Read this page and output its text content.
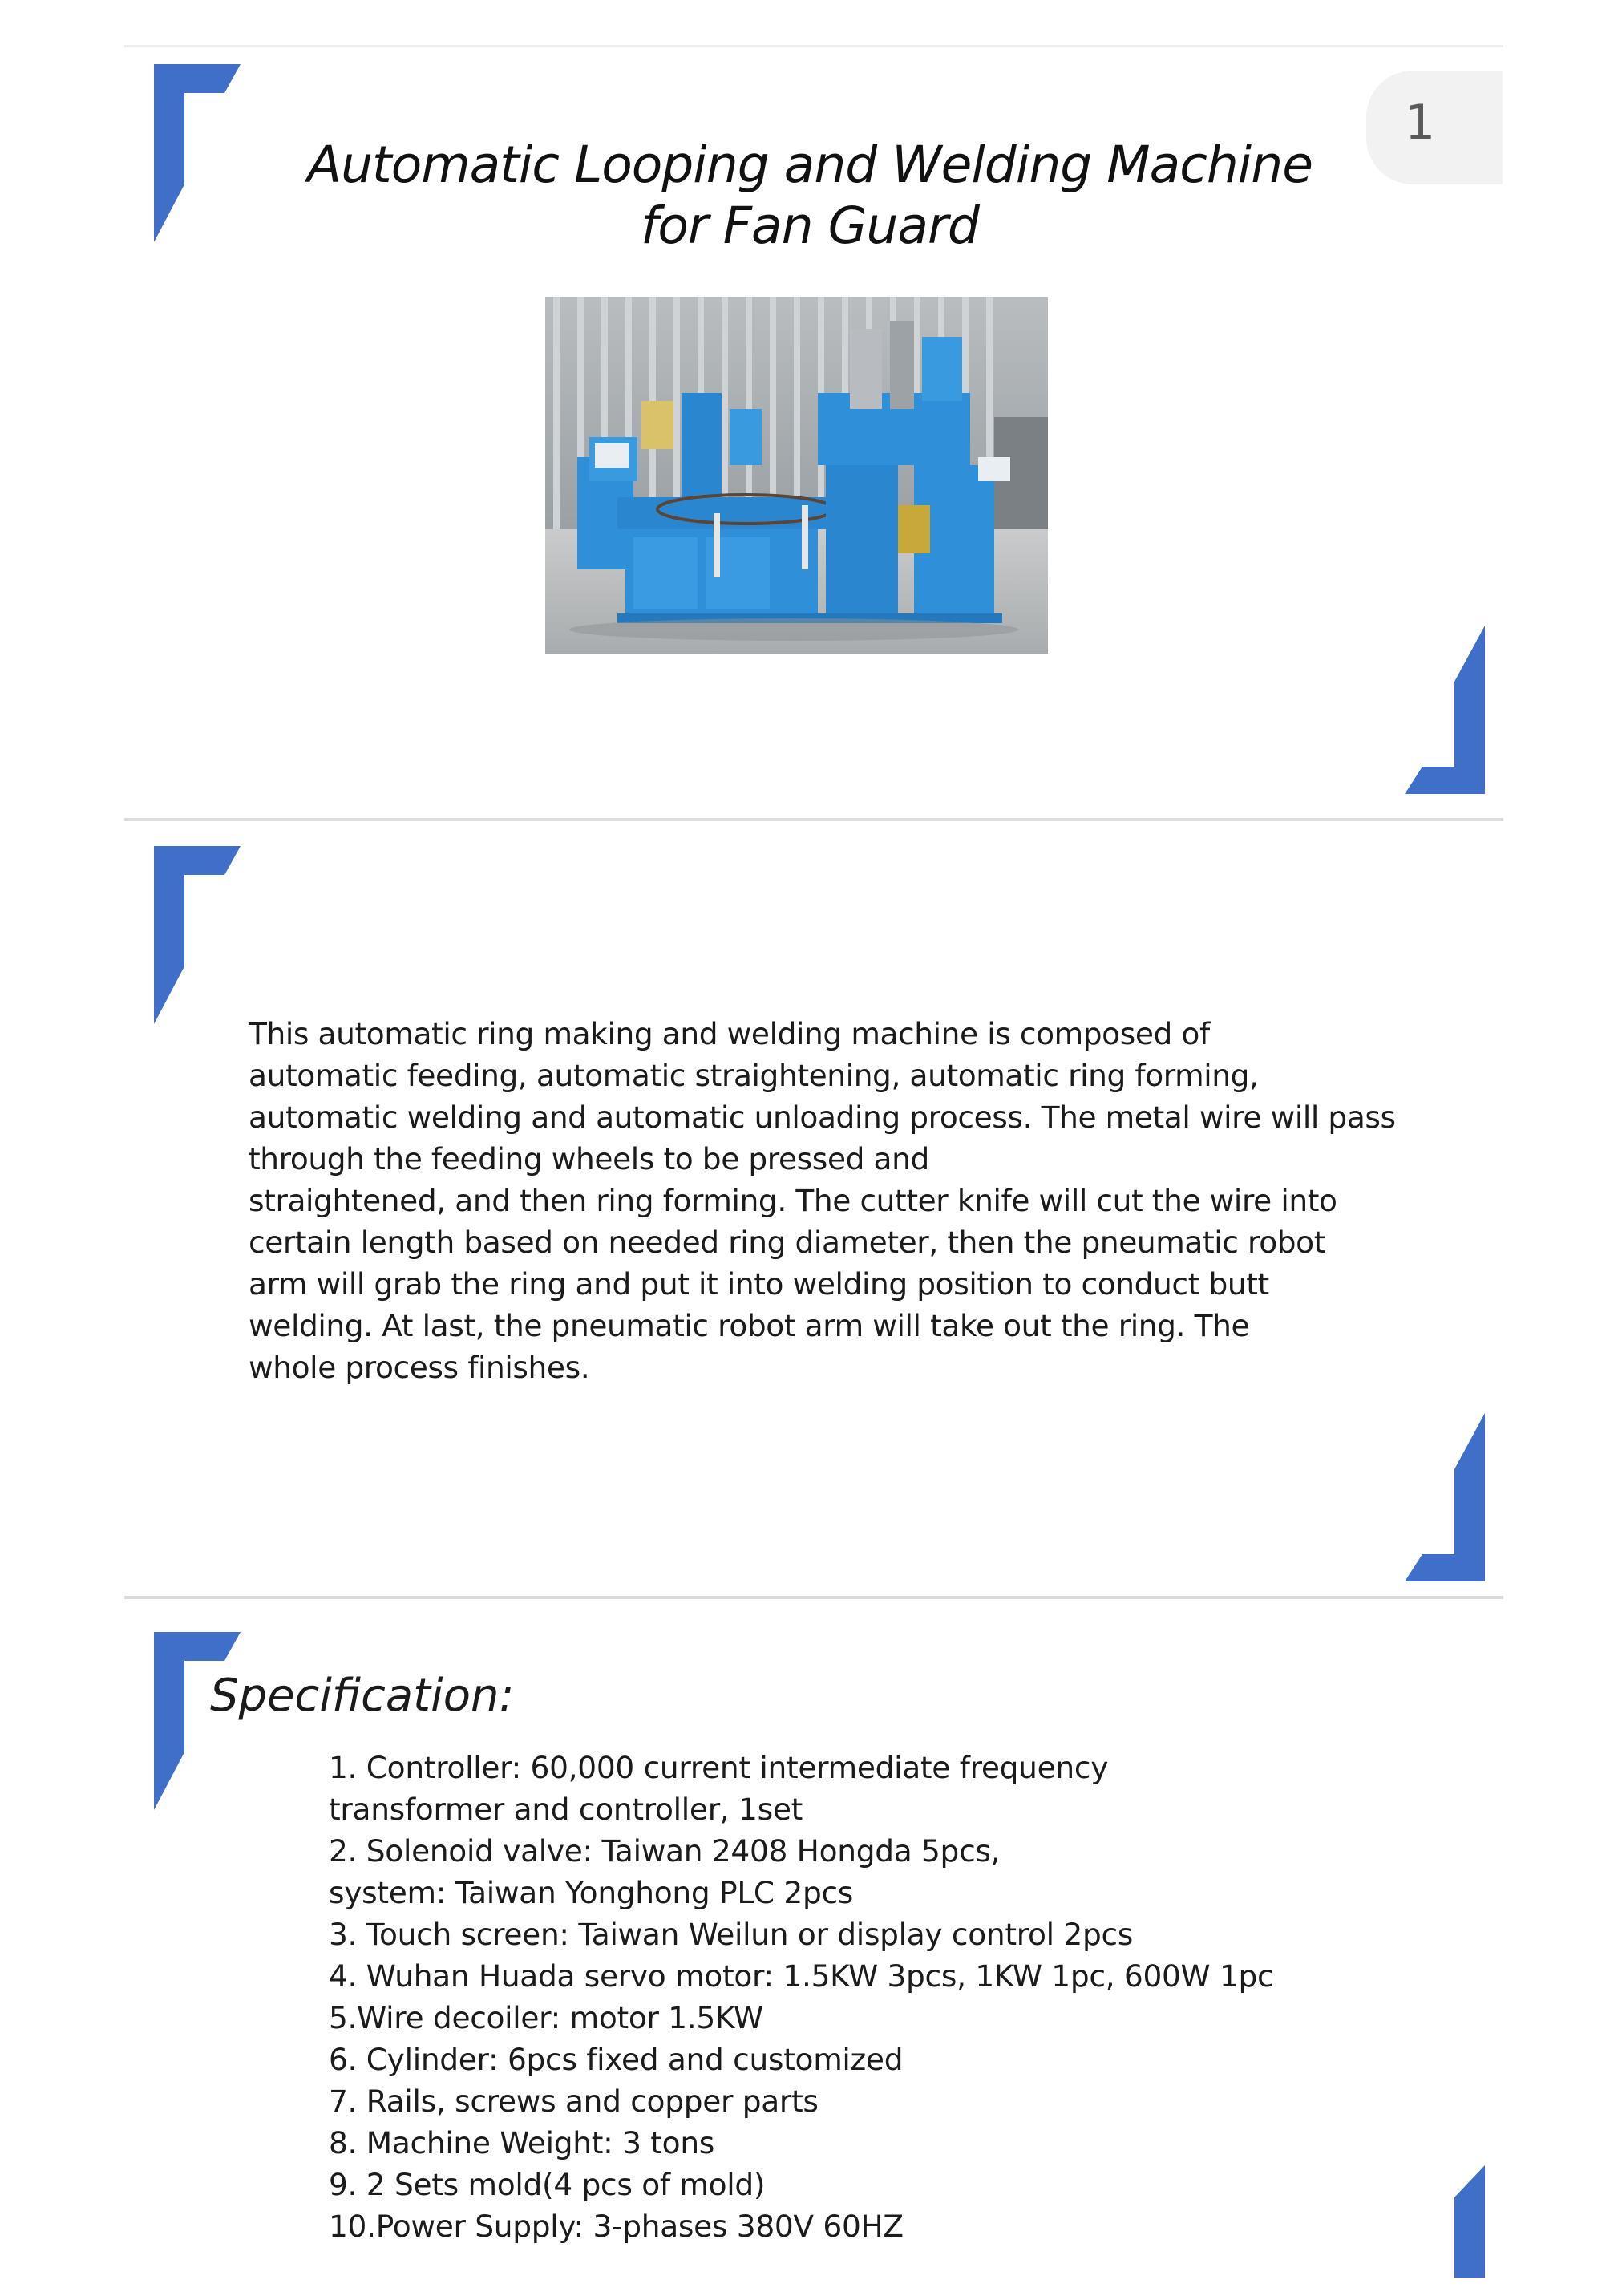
1
Automatic Looping and Welding Machine
for Fan Guard
This automatic ring making and welding machine is composed of
automatic feeding, automatic straightening, automatic ring forming,
automatic welding and automatic unloading process. The metal wire will pass
through the feeding wheels to be pressed and
straightened, and then ring forming. The cutter knife will cut the wire into
certain length based on needed ring diameter, then the pneumatic robot
arm will grab the ring and put it into welding position to conduct butt
welding. At last, the pneumatic robot arm will take out the ring. The
whole process finishes.
Specification:
1. Controller: 60,000 current intermediate frequency
transformer and controller, 1set
2. Solenoid valve: Taiwan 2408 Hongda 5pcs,
system: Taiwan Yonghong PLC 2pcs
3. Touch screen: Taiwan Weilun or display control 2pcs
4. Wuhan Huada servo motor: 1.5KW 3pcs, 1KW 1pc, 600W 1pc
5.Wire decoiler: motor 1.5KW
6. Cylinder: 6pcs fixed and customized
7. Rails, screws and copper parts
8. Machine Weight: 3 tons
9. 2 Sets mold(4 pcs of mold)
10.Power Supply: 3-phases 380V 60HZ
